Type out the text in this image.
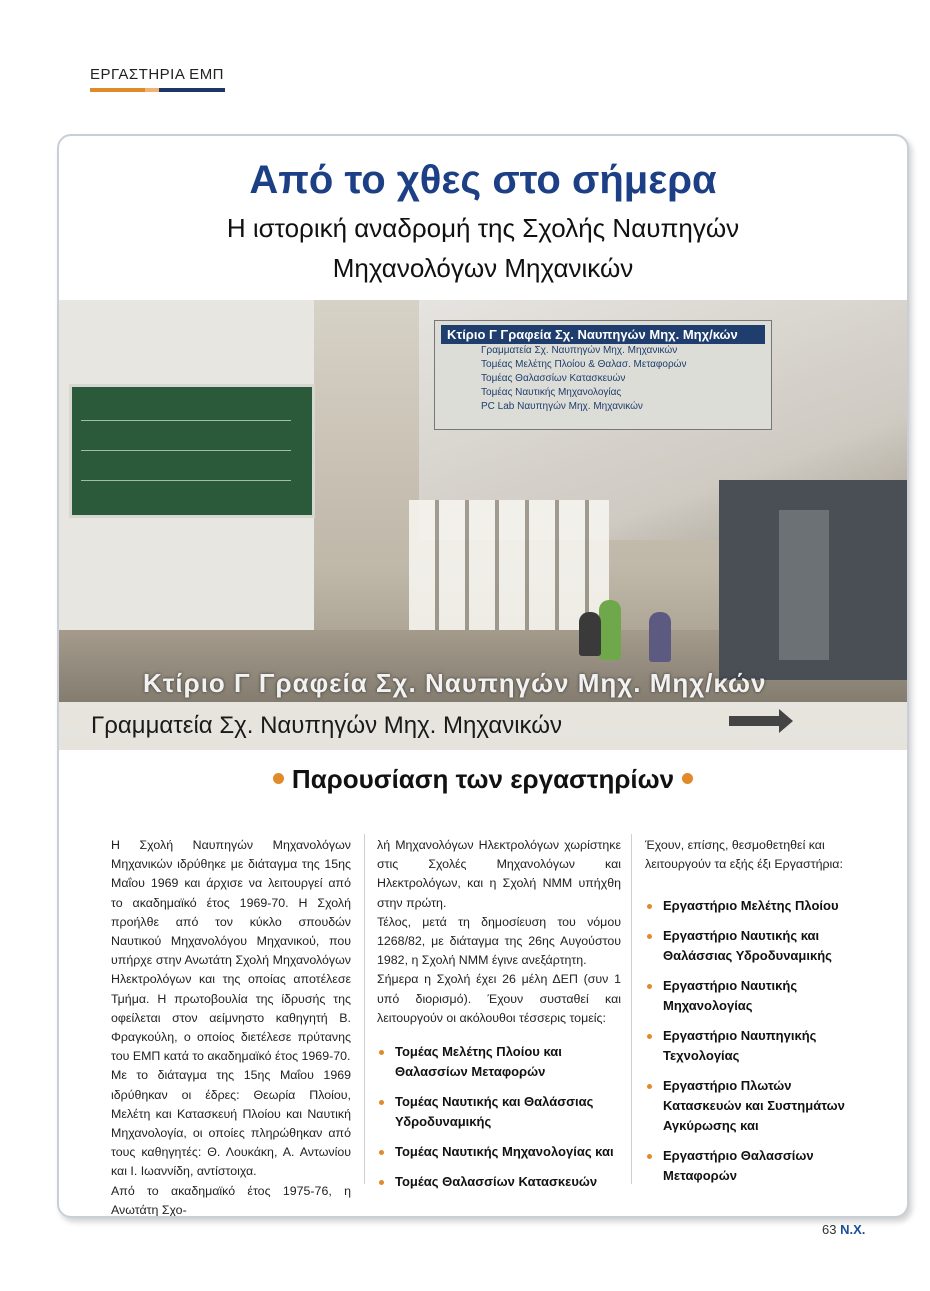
ΕΡΓΑΣΤΗΡΙΑ ΕΜΠ
Από το χθες στο σήμερα
Η ιστορική αναδρομή της Σχολής Ναυπηγών
Μηχανολόγων Μηχανικών
Κτίριο Γ Γραφεία Σχ. Ναυπηγών Μηχ. Μηχ/κών
Γραμματεία Σχ. Ναυπηγών Μηχ. Μηχανικών
Τομέας Μελέτης Πλοίου & Θαλασ. Μεταφορών
Τομέας Θαλασσίων Κατασκευών
Τομέας Ναυτικής Μηχανολογίας
PC Lab Ναυπηγών Μηχ. Μηχανικών
Κτίριο Γ Γραφεία Σχ. Ναυπηγών Μηχ. Μηχ/κών
Γραμματεία Σχ. Ναυπηγών Μηχ. Μηχανικών
Παρουσίαση των εργαστηρίων

Η Σχολή Ναυπηγών Μηχανολόγων Μηχανικών ιδρύθηκε με διάταγμα της 15ης Μαΐου 1969 και άρχισε να λειτουργεί από το ακαδημαϊκό έτος 1969-70. Η Σχολή προήλθε από τον κύκλο σπουδών Ναυτικού Μηχανολόγου Μηχανικού, που υπήρχε στην Ανωτάτη Σχολή Μηχανολόγων Ηλεκτρολόγων και της οποίας αποτέλεσε Τμήμα. Η πρωτοβουλία της ίδρυσής της οφείλεται στον αείμνηστο καθηγητή Β. Φραγκούλη, ο οποίος διετέλεσε πρύτανης του ΕΜΠ κατά το ακαδημαϊκό έτος 1969-70.

Με το διάταγμα της 15ης Μαΐου 1969 ιδρύθηκαν οι έδρες: Θεωρία Πλοίου, Μελέτη και Κατασκευή Πλοίου και Ναυτική Μηχανολογία, οι οποίες πληρώθηκαν από τους καθηγητές: Θ. Λουκάκη, Α. Αντωνίου και Ι. Ιωαννίδη, αντίστοιχα.

Από το ακαδημαϊκό έτος 1975-76, η Ανωτάτη Σχο-

λή Μηχανολόγων Ηλεκτρολόγων χωρίστηκε στις Σχολές Μηχανολόγων και Ηλεκτρολόγων, και η Σχολή ΝΜΜ υπήχθη στην πρώτη.

Τέλος, μετά τη δημοσίευση του νόμου 1268/82, με διάταγμα της 26ης Αυγούστου 1982, η Σχολή ΝΜΜ έγινε ανεξάρτητη.

Σήμερα η Σχολή έχει 26 μέλη ΔΕΠ (συν 1 υπό διορισμό). Έχουν συσταθεί και λειτουργούν οι ακόλουθοι τέσσερις τομείς:

Τομέας Μελέτης Πλοίου και Θαλασσίων Μεταφορών
Τομέας Ναυτικής και Θαλάσσιας Υδροδυναμικής
Τομέας Ναυτικής Μηχανολογίας και
Τομέας Θαλασσίων Κατασκευών

Έχουν, επίσης, θεσμοθετηθεί και λειτουργούν τα εξής έξι Εργαστήρια:

Εργαστήριο Μελέτης Πλοίου
Εργαστήριο Ναυτικής και Θαλάσσιας Υδροδυναμικής
Εργαστήριο Ναυτικής Μηχανολογίας
Εργαστήριο Ναυπηγικής Τεχνολογίας
Εργαστήριο Πλωτών Κατασκευών και Συστημάτων Αγκύρωσης και
Εργαστήριο Θαλασσίων Μεταφορών
63 Ν.Χ.
